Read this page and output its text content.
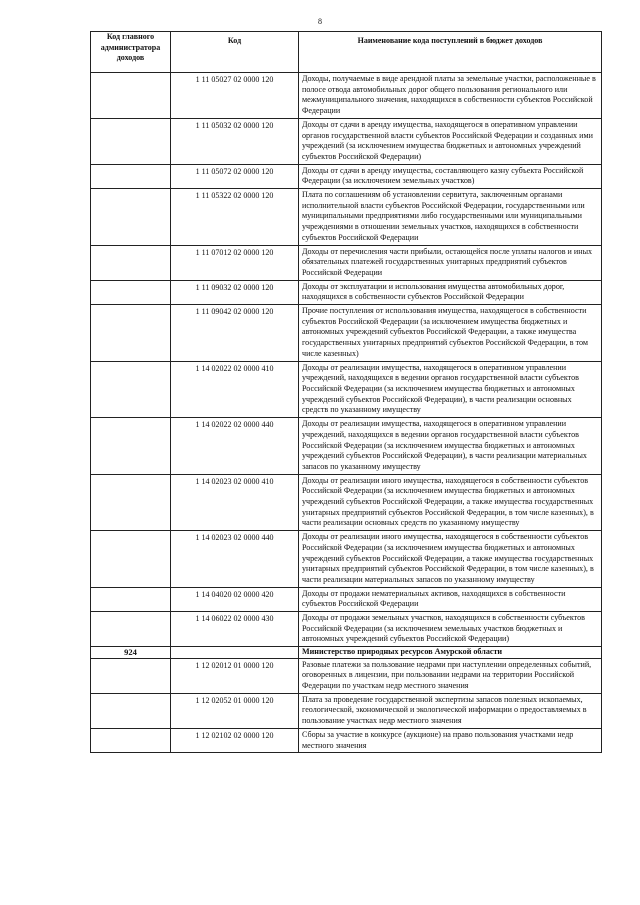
8
Код главного администратора доходов	Код	Наименование кода поступлений в бюджет доходов
	1 11 05027 02 0000 120	Доходы, получаемые в виде арендной платы за земельные участки, расположенные в полосе отвода автомобильных дорог общего пользования регионального или межмуниципального значения, находящихся в собственности субъектов Российской Федерации
	1 11 05032 02 0000 120	Доходы от сдачи в аренду имущества, находящегося в оперативном управлении органов государственной власти субъектов Российской Федерации и созданных ими учреждений (за исключением имущества бюджетных и автономных учреждений субъектов Российской Федерации)
	1 11 05072 02 0000 120	Доходы от сдачи в аренду имущества, составляющего казну субъекта Российской Федерации (за исключением земельных участков)
	1 11 05322 02 0000 120	Плата по соглашениям об установлении сервитута, заключенным органами исполнительной власти субъектов Российской Федерации, государственными или муниципальными предприятиями либо государственными или муниципальными учреждениями в отношении земельных участков, находящихся в собственности субъектов Российской Федерации
	1 11 07012 02 0000 120	Доходы от перечисления части прибыли, остающейся после уплаты налогов и иных обязательных платежей государственных унитарных предприятий субъектов Российской Федерации
	1 11 09032 02 0000 120	Доходы от эксплуатации и использования имущества автомобильных дорог, находящихся в собственности субъектов Российской Федерации
	1 11 09042 02 0000 120	Прочие поступления от использования имущества, находящегося в собственности субъектов Российской Федерации (за исключением имущества бюджетных и автономных учреждений субъектов Российской Федерации, а также имущества государственных унитарных предприятий субъектов Российской Федерации, в том числе казенных)
	1 14 02022 02 0000 410	Доходы от реализации имущества, находящегося в оперативном управлении учреждений, находящихся в ведении органов государственной власти субъектов Российской Федерации (за исключением имущества бюджетных и автономных учреждений субъектов Российской Федерации), в части реализации основных средств по указанному имуществу
	1 14 02022 02 0000 440	Доходы от реализации имущества, находящегося в оперативном управлении учреждений, находящихся в ведении органов государственной власти субъектов Российской Федерации (за исключением имущества бюджетных и автономных учреждений субъектов Российской Федерации), в части реализации материальных запасов по указанному имуществу
	1 14 02023 02 0000 410	Доходы от реализации иного имущества, находящегося в собственности субъектов Российской Федерации (за исключением имущества бюджетных и автономных учреждений субъектов Российской Федерации, а также имущества государственных унитарных предприятий субъектов Российской Федерации, в том числе казенных), в части реализации основных средств по указанному имуществу
	1 14 02023 02 0000 440	Доходы от реализации иного имущества, находящегося в собственности субъектов Российской Федерации (за исключением имущества бюджетных и автономных учреждений субъектов Российской Федерации, а также имущества государственных унитарных предприятий субъектов Российской Федерации, в том числе казенных), в части реализации материальных запасов по указанному имуществу
	1 14 04020 02 0000 420	Доходы от продажи нематериальных активов, находящихся в собственности субъектов Российской Федерации
	1 14 06022 02 0000 430	Доходы от продажи земельных участков, находящихся в собственности субъектов Российской Федерации (за исключением земельных участков бюджетных и автономных учреждений субъектов Российской Федерации)
924		Министерство природных ресурсов Амурской области
	1 12 02012 01 0000 120	Разовые платежи за пользование недрами при наступлении определенных событий, оговоренных в лицензии, при пользовании недрами на территории Российской Федерации по участкам недр местного значения
	1 12 02052 01 0000 120	Плата за проведение государственной экспертизы запасов полезных ископаемых, геологической, экономической и экологической информации о предоставляемых в пользование участках недр местного значения
	1 12 02102 02 0000 120	Сборы за участие в конкурсе (аукционе) на право пользования участками недр местного значения
